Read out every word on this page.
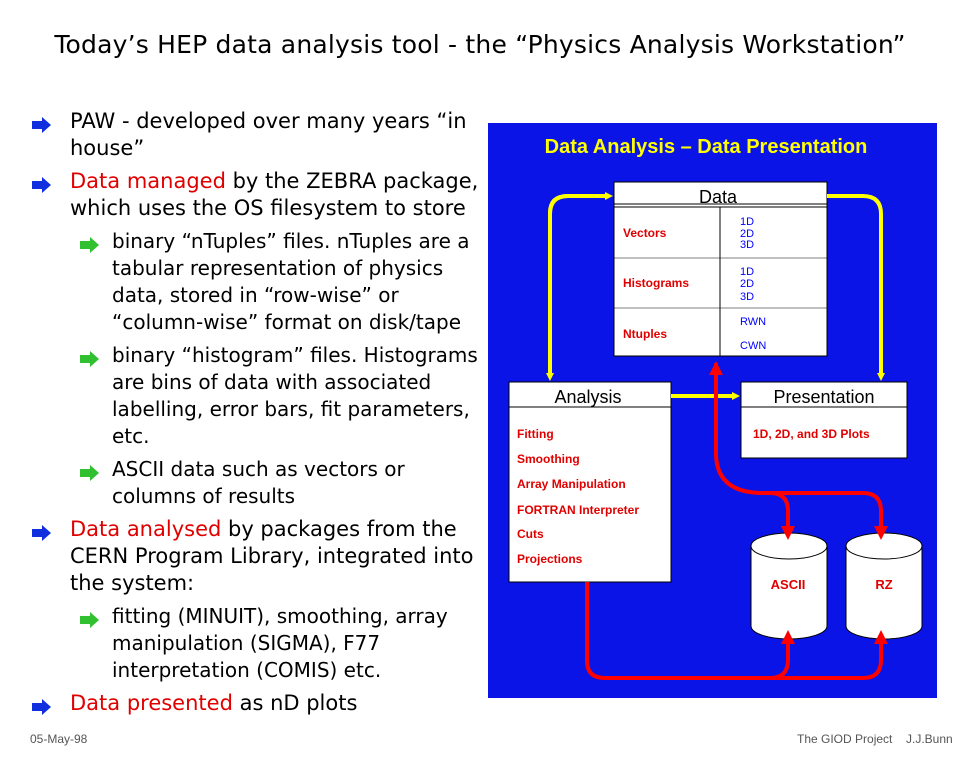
Today’s HEP data analysis tool - the “Physics Analysis Workstation”
PAW - developed over many years “in house”
Data managed by the ZEBRA package, which uses the OS filesystem to store
binary “nTuples” files. nTuples are a tabular representation of physics data, stored in “row-wise” or “column-wise” format on disk/tape
binary “histogram” files. Histograms are bins of data with associated labelling, error bars, fit parameters, etc.
ASCII data such as vectors or columns of results
Data analysed by packages from the CERN Program Library, integrated into the system:
fitting (MINUIT), smoothing, array manipulation (SIGMA), F77 interpretation (COMIS) etc.
Data presented as nD plots
Data Analysis – Data Presentation
Data
Vectors
1D
2D
3D
Histograms
1D
2D
3D
Ntuples
RWN
CWN
Analysis
Fitting
Smoothing
Array Manipulation
FORTRAN Interpreter
Cuts
Projections
Presentation
1D, 2D, and 3D Plots
ASCII	RZ
05-May-98	The GIOD Project J.J.Bunn
